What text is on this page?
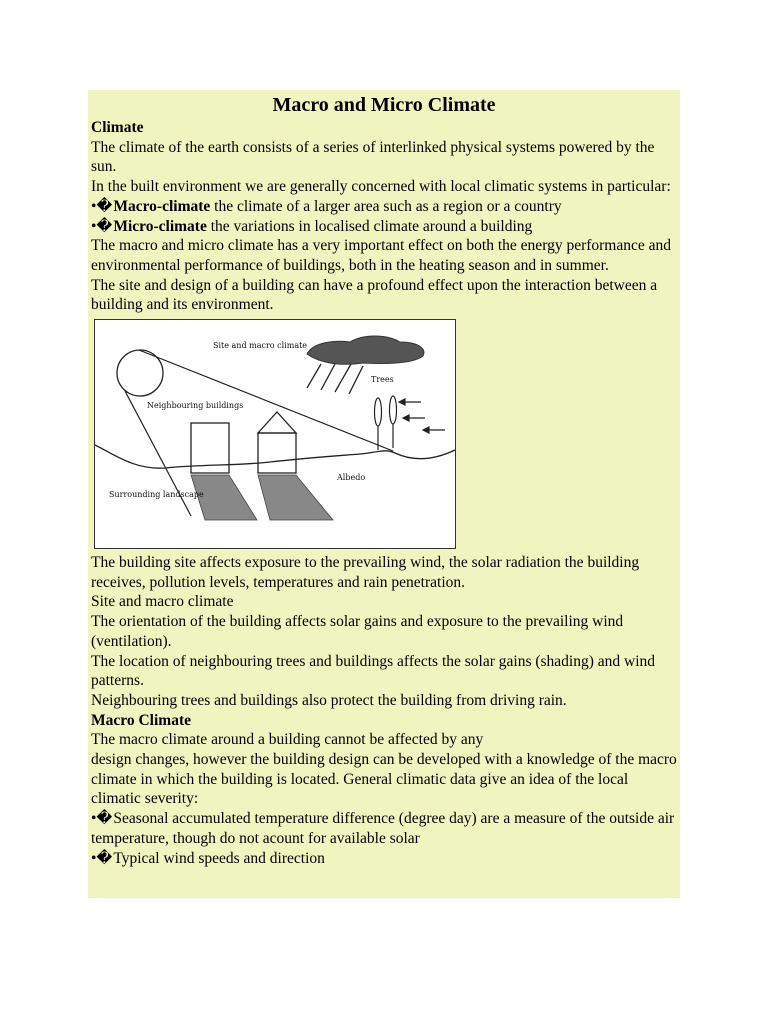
Macro and Micro Climate

Climate

The climate of the earth consists of a series of interlinked physical systems powered by the sun.

In the built environment we are generally concerned with local climatic systems in particular:

•�Macro-climate the climate of a larger area such as a region or a country

•�Micro-climate the variations in localised climate around a building

The macro and micro climate has a very important effect on both the energy performance and environmental performance of buildings, both in the heating season and in summer.

The site and design of a building can have a profound effect upon the interaction between a building and its environment.

Site and macro climate
Trees
Neighbouring buildings
Albedo
Surrounding landscape

The building site affects exposure to the prevailing wind, the solar radiation the building receives, pollution levels, temperatures and rain penetration.

Site and macro climate

The orientation of the building affects solar gains and exposure to the prevailing wind (ventilation).

The location of neighbouring trees and buildings affects the solar gains (shading) and wind patterns.

Neighbouring trees and buildings also protect the building from driving rain.

Macro Climate

The macro climate around a building cannot be affected by any

design changes, however the building design can be developed with a knowledge of the macro climate in which the building is located. General climatic data give an idea of the local climatic severity:

•�Seasonal accumulated temperature difference (degree day) are a measure of the outside air temperature, though do not acount for available solar

•�Typical wind speeds and direction
